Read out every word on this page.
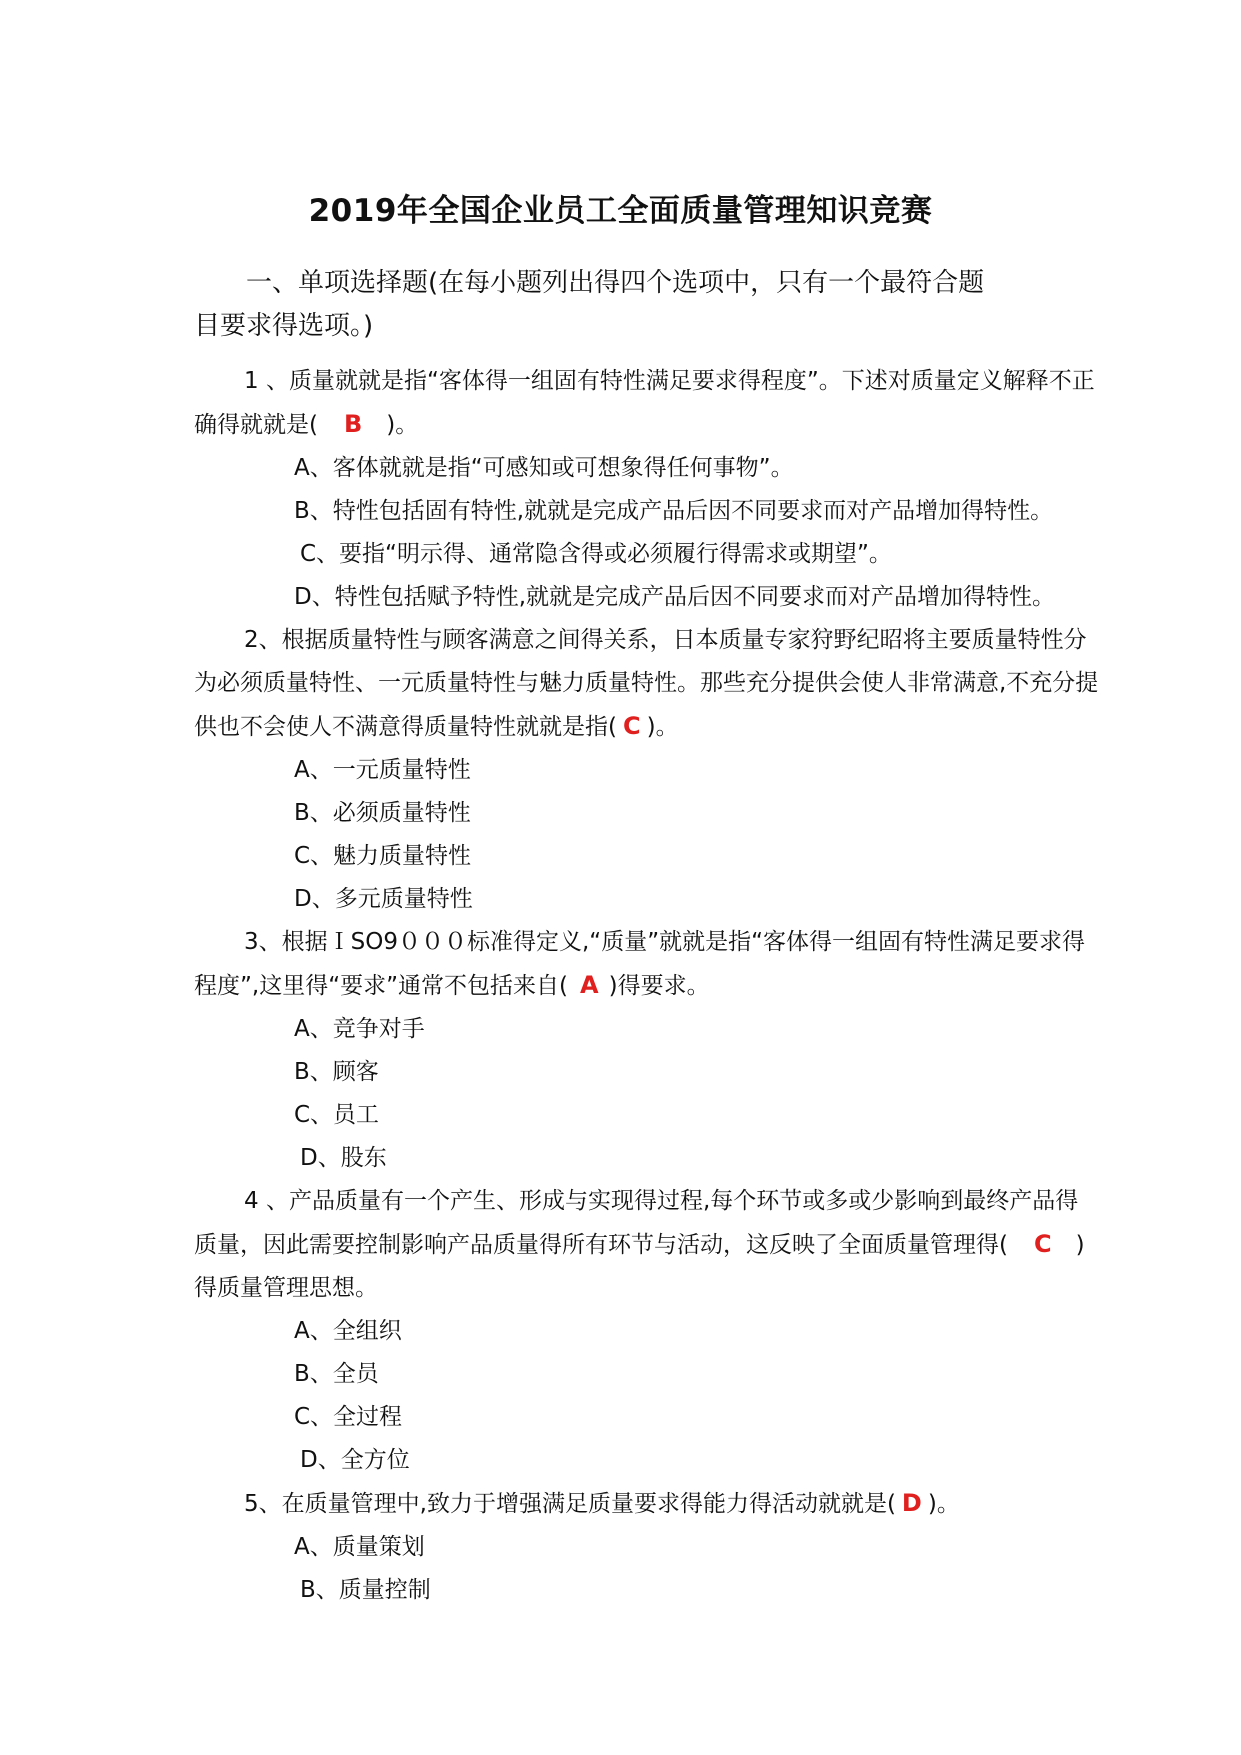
2019年全国企业员工全面质量管理知识竞赛
一、单项选择题(在每小题列出得四个选项中，只有一个最符合题
目要求得选项。)

1 、质量就就是指“客体得一组固有特性满足要求得程度”。下述对质量定义解释不正确得就就是( B )。

A、客体就就是指“可感知或可想象得任何事物”。

B、特性包括固有特性,就就是完成产品后因不同要求而对产品增加得特性。

C、要指“明示得、通常隐含得或必须履行得需求或期望”。

D、特性包括赋予特性,就就是完成产品后因不同要求而对产品增加得特性。

2、根据质量特性与顾客满意之间得关系，日本质量专家狩野纪昭将主要质量特性分为必须质量特性、一元质量特性与魅力质量特性。那些充分提供会使人非常满意,不充分提供也不会使人不满意得质量特性就就是指( C )。

A、一元质量特性

B、必须质量特性

C、魅力质量特性

D、多元质量特性

3、根据ＩSO9０００标准得定义,“质量”就就是指“客体得一组固有特性满足要求得程度”,这里得“要求”通常不包括来自( A )得要求。

A、竞争对手

B、顾客

C、员工

D、股东

4 、产品质量有一个产生、形成与实现得过程,每个环节或多或少影响到最终产品得质量，因此需要控制影响产品质量得所有环节与活动，这反映了全面质量管理得( C )得质量管理思想。

A、全组织

B、全员

C、全过程

D、全方位

5、在质量管理中,致力于增强满足质量要求得能力得活动就就是( D )。

A、质量策划

B、质量控制
